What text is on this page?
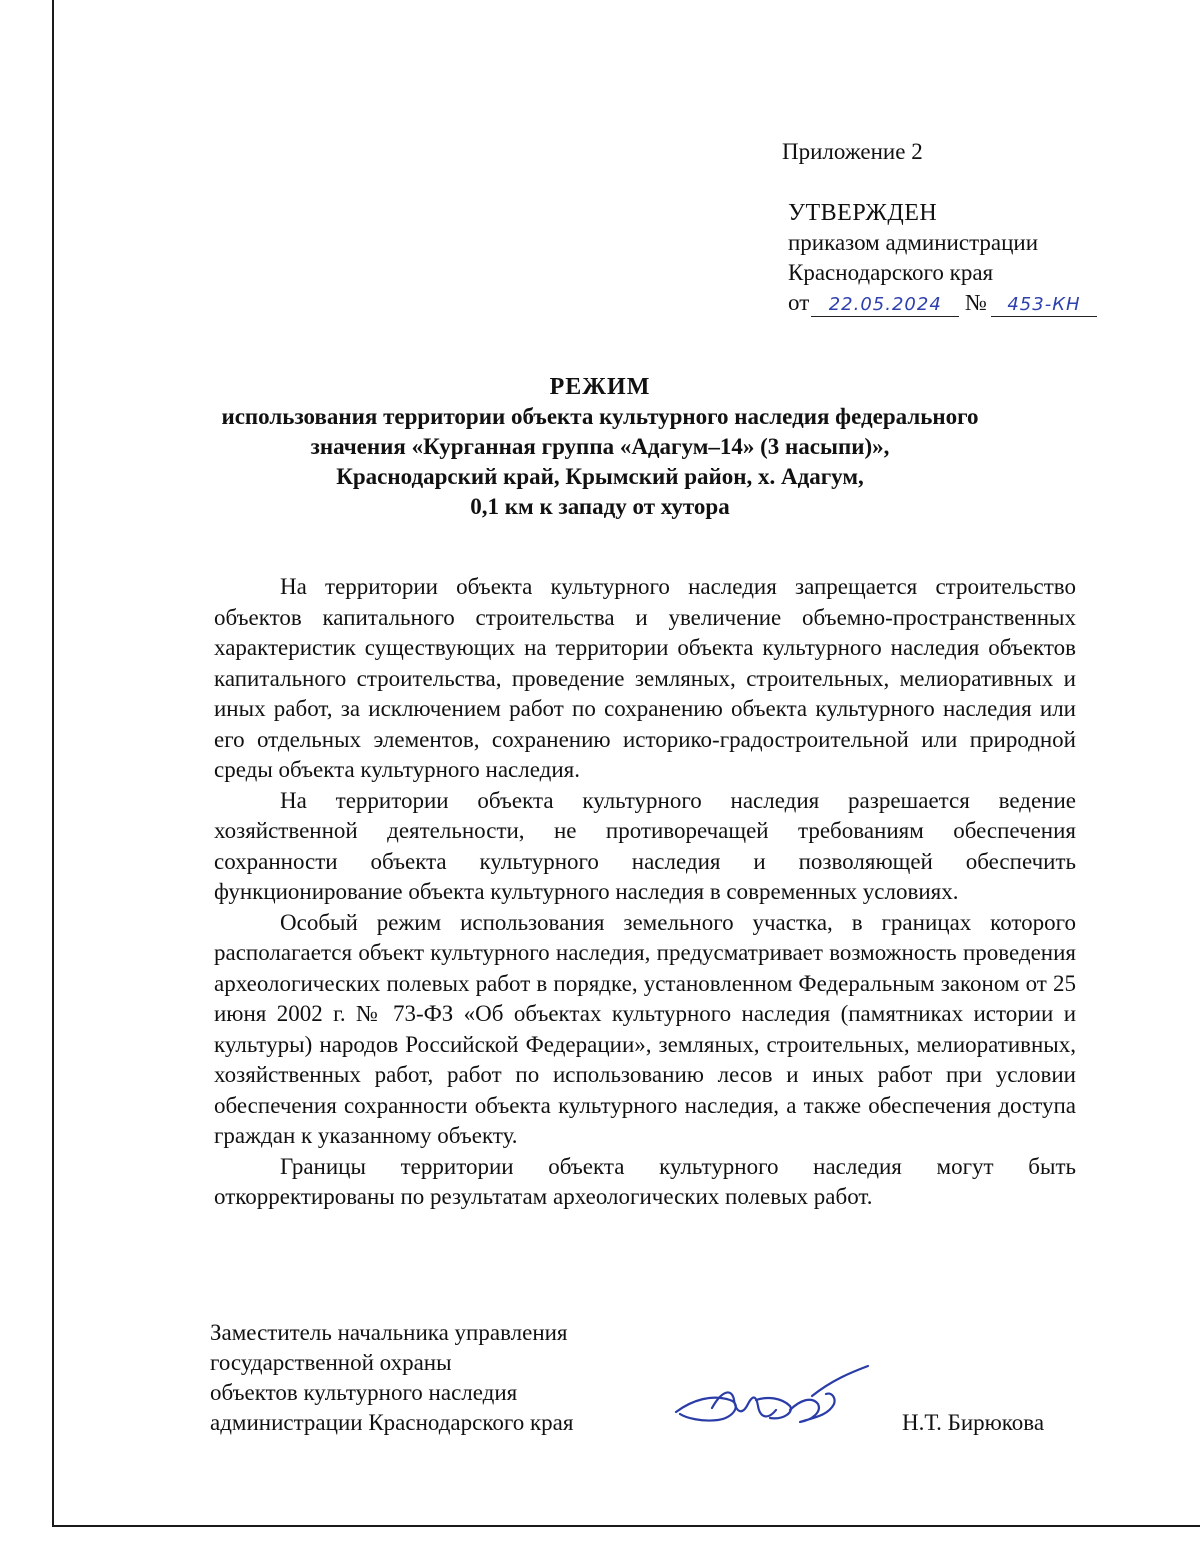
Приложение 2
УТВЕРЖДЕН
приказом администрации
Краснодарского края
от 22.05.2024 № 453-КН
РЕЖИМ
использования территории объекта культурного наследия федерального
значения «Курганная группа «Адагум–14» (3 насыпи)»,
Краснодарский край, Крымский район, х. Адагум,
0,1 км к западу от хутора

На территории объекта культурного наследия запрещается строительство объектов капитального строительства и увеличение объемно-пространственных характеристик существующих на территории объекта культурного наследия объектов капитального строительства, проведение земляных, строительных, мелиоративных и иных работ, за исключением работ по сохранению объекта культурного наследия или его отдельных элементов, сохранению историко-градостроительной или природной среды объекта культурного наследия.

На территории объекта культурного наследия разрешается ведение хозяйственной деятельности, не противоречащей требованиям обеспечения сохранности объекта культурного наследия и позволяющей обеспечить функционирование объекта культурного наследия в современных условиях.

Особый режим использования земельного участка, в границах которого располагается объект культурного наследия, предусматривает возможность проведения археологических полевых работ в порядке, установленном Федеральным законом от 25 июня 2002 г. № 73-ФЗ «Об объектах культурного наследия (памятниках истории и культуры) народов Российской Федерации», земляных, строительных, мелиоративных, хозяйственных работ, работ по использованию лесов и иных работ при условии обеспечения сохранности объекта культурного наследия, а также обеспечения доступа граждан к указанному объекту.

Границы территории объекта культурного наследия могут быть откорректированы по результатам археологических полевых работ.

Заместитель начальника управления
государственной охраны
объектов культурного наследия
администрации Краснодарского края	Н.Т. Бирюкова
